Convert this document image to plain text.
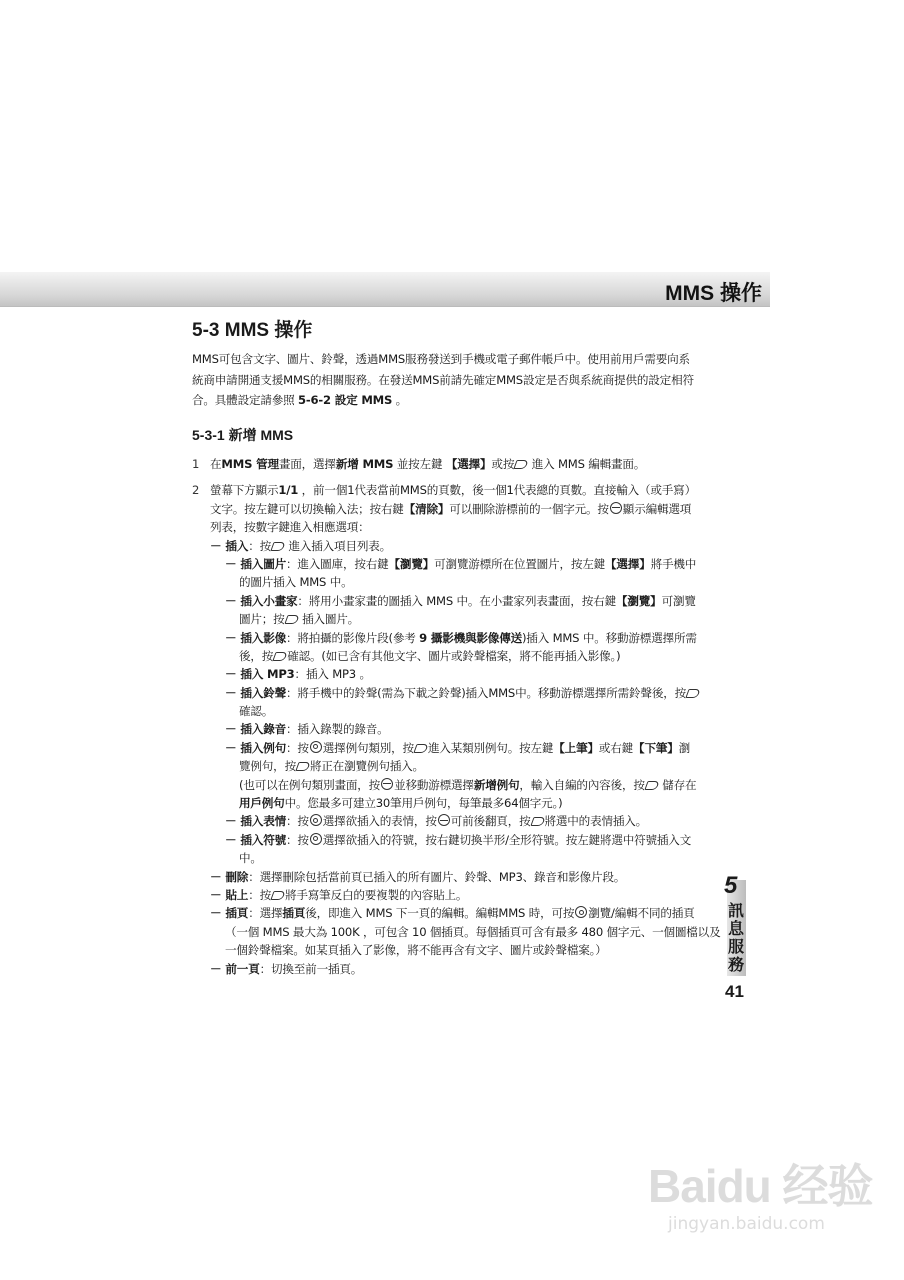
MMS 操作
5-3 MMS 操作
MMS可包含文字、圖片、鈴聲，透過MMS服務發送到手機或電子郵件帳戶中。使用前用戶需要向系
統商申請開通支援MMS的相關服務。在發送MMS前請先確定MMS設定是否與系統商提供的設定相符
合。具體設定請參照 5-6-2 設定 MMS 。
5-3-1 新增 MMS
1 在MMS 管理畫面，選擇新增 MMS 並按左鍵 【選擇】或按 進入 MMS 編輯畫面。
2 螢幕下方顯示1/1 ，前一個1代表當前MMS的頁數，後一個1代表總的頁數。直接輸入（或手寫）
文字。按左鍵可以切換輸入法；按右鍵【清除】可以刪除游標前的一個字元。按 顯示編輯選項
列表，按數字鍵進入相應選項：
－ 插入：按 進入插入項目列表。
－ 插入圖片：進入圖庫，按右鍵【瀏覽】可瀏覽游標所在位置圖片，按左鍵【選擇】將手機中
的圖片插入 MMS 中。
－ 插入小畫家：將用小畫家畫的圖插入 MMS 中。在小畫家列表畫面，按右鍵【瀏覽】可瀏覽
圖片；按 插入圖片。
－ 插入影像：將拍攝的影像片段(參考 9 攝影機與影像傳送)插入 MMS 中。移動游標選擇所需
後，按 確認。(如已含有其他文字、圖片或鈴聲檔案，將不能再插入影像。)
－ 插入 MP3：插入 MP3 。
－ 插入鈴聲：將手機中的鈴聲(需為下載之鈴聲)插入MMS中。移動游標選擇所需鈴聲後，按
確認。
－ 插入錄音：插入錄製的錄音。
－ 插入例句：按 選擇例句類別，按 進入某類別例句。按左鍵【上筆】或右鍵【下筆】瀏
覽例句，按 將正在瀏覽例句插入。
(也可以在例句類別畫面，按 並移動游標選擇新增例句，輸入自編的內容後，按 儲存在
用戶例句中。您最多可建立30筆用戶例句，每筆最多64個字元。)
－ 插入表情：按 選擇欲插入的表情，按 可前後翻頁，按 將選中的表情插入。
－ 插入符號：按 選擇欲插入的符號，按右鍵切換半形/全形符號。按左鍵將選中符號插入文
中。
－ 刪除：選擇刪除包括當前頁已插入的所有圖片、鈴聲、MP3、錄音和影像片段。
－ 貼上：按 將手寫筆反白的要複製的內容貼上。
－ 插頁：選擇插頁後，即進入 MMS 下一頁的編輯。編輯MMS 時，可按 瀏覽/編輯不同的插頁
（一個 MMS 最大為 100K ，可包含 10 個插頁。每個插頁可含有最多 480 個字元、一個圖檔以及
一個鈴聲檔案。如某頁插入了影像，將不能再含有文字、圖片或鈴聲檔案。）
－ 前一頁：切換至前一插頁。
5
訊息服務
41
Baidu 经验
jingyan.baidu.com
